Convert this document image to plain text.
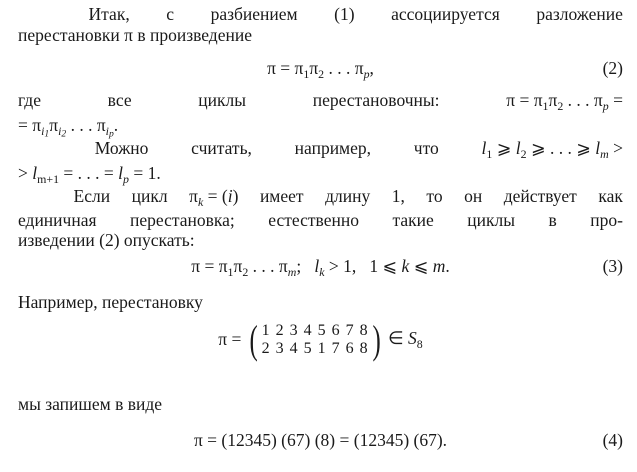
Итак, с разбиением (1) ассоциируется разложение
перестановки π в произведение
$\pi = \pi_1\pi_2$ . . . $\pi_p$,	(2)
где	все	циклы	перестановочны:	$\pi = \pi_1\pi_2$ . . . $\pi_p$ =
= $\pi_{i1}\pi_{i2}$ . . . $\pi_{ip}$.
Можно считать, например, что $l_1$ ⩾ $l_2$ ⩾ . . . ⩾ $l_m$ >
> $l_{m+1}$ = . . . = $l_p = 1$.
Если цикл $\pi_k = (i)$ имеет длину 1, то он действует как
единичная перестановка; естественно такие циклы в про-
изведении (2) опускать:
$\pi = \pi_1\pi_2$ . . . $\pi_m$;   $l_k > 1$,   1 ⩽ k ⩽ m.	(3)
Например, перестановку
π = ( 1 2 3 4 5 6 7 8
2 3 4 5 1 7 6 8 ) ∈ $S_8$
мы запишем в виде
π = (12345) (67) (8) = (12345) (67).	(4)
